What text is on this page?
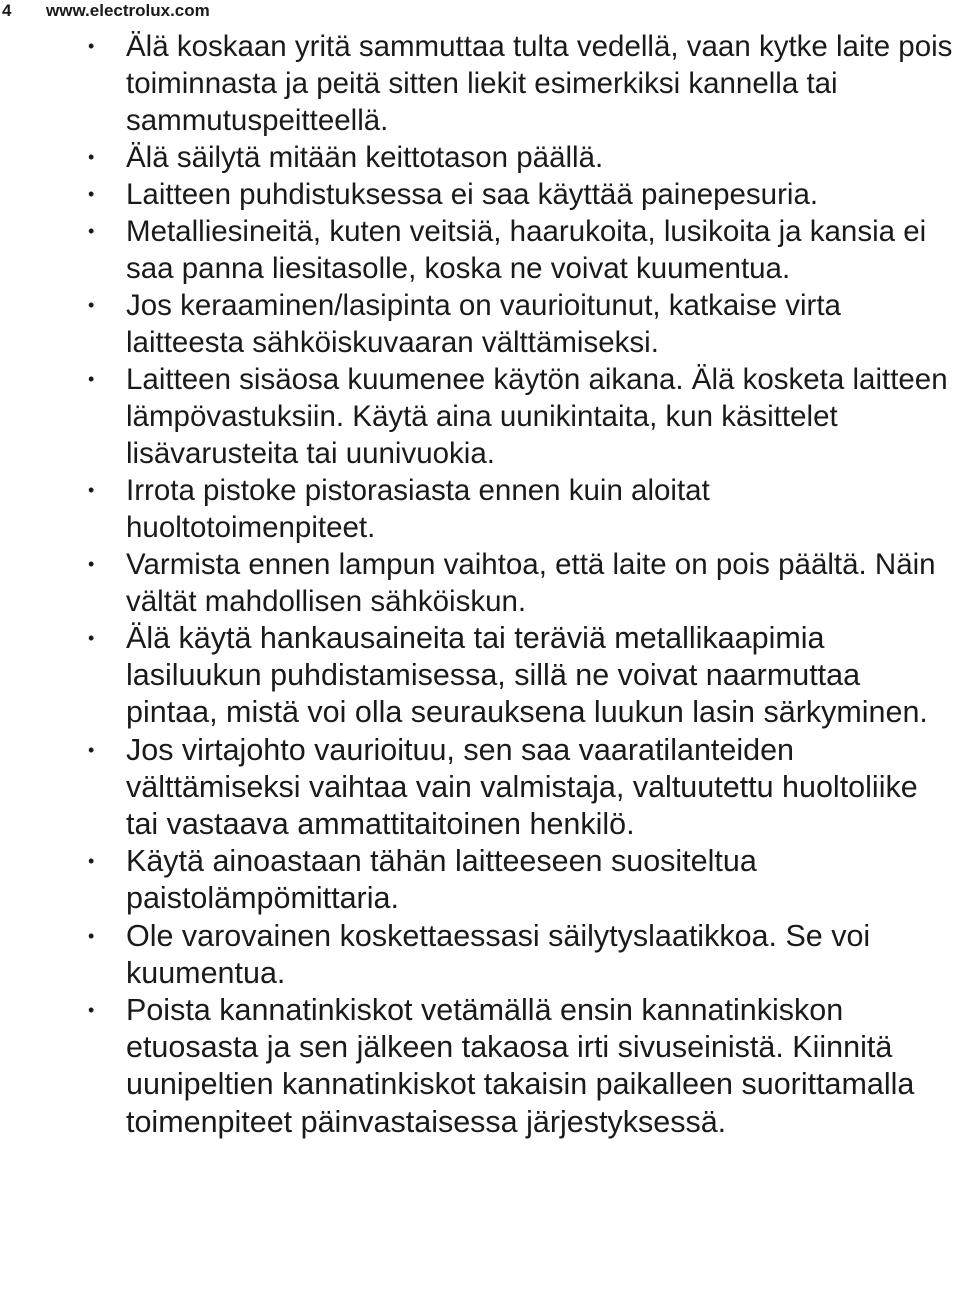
4	www.electrolux.com
• Älä koskaan yritä sammuttaa tulta vedellä, vaan kytke laite pois toiminnasta ja peitä sitten liekit esimerkiksi kannella tai sammutuspeitteellä.
• Älä säilytä mitään keittotason päällä.
• Laitteen puhdistuksessa ei saa käyttää painepesuria.
• Metalliesineitä, kuten veitsiä, haarukoita, lusikoita ja kansia ei saa panna liesitasolle, koska ne voivat kuumentua.
• Jos keraaminen/lasipinta on vaurioitunut, katkaise virta laitteesta sähköiskuvaaran välttämiseksi.
• Laitteen sisäosa kuumenee käytön aikana. Älä kosketa laitteen lämpövastuksiin. Käytä aina uunikintaita, kun käsittelet lisävarusteita tai uunivuokia.
• Irrota pistoke pistorasiasta ennen kuin aloitat huoltotoimenpiteet.
• Varmista ennen lampun vaihtoa, että laite on pois päältä. Näin vältät mahdollisen sähköiskun.
• Älä käytä hankausaineita tai teräviä metallikaapimia lasiluukun puhdistamisessa, sillä ne voivat naarmuttaa pintaa, mistä voi olla seurauksena luukun lasin särkyminen.
• Jos virtajohto vaurioituu, sen saa vaaratilanteiden välttämiseksi vaihtaa vain valmistaja, valtuutettu huoltoliike tai vastaava ammattitaitoinen henkilö.
• Käytä ainoastaan tähän laitteeseen suositeltua paistolämpömittaria.
• Ole varovainen koskettaessasi säilytyslaatikkoa. Se voi kuumentua.
• Poista kannatinkiskot vetämällä ensin kannatinkiskon etuosasta ja sen jälkeen takaosa irti sivuseinistä. Kiinnitä uunipeltien kannatinkiskot takaisin paikalleen suorittamalla toimenpiteet päinvastaisessa järjestyksessä.
